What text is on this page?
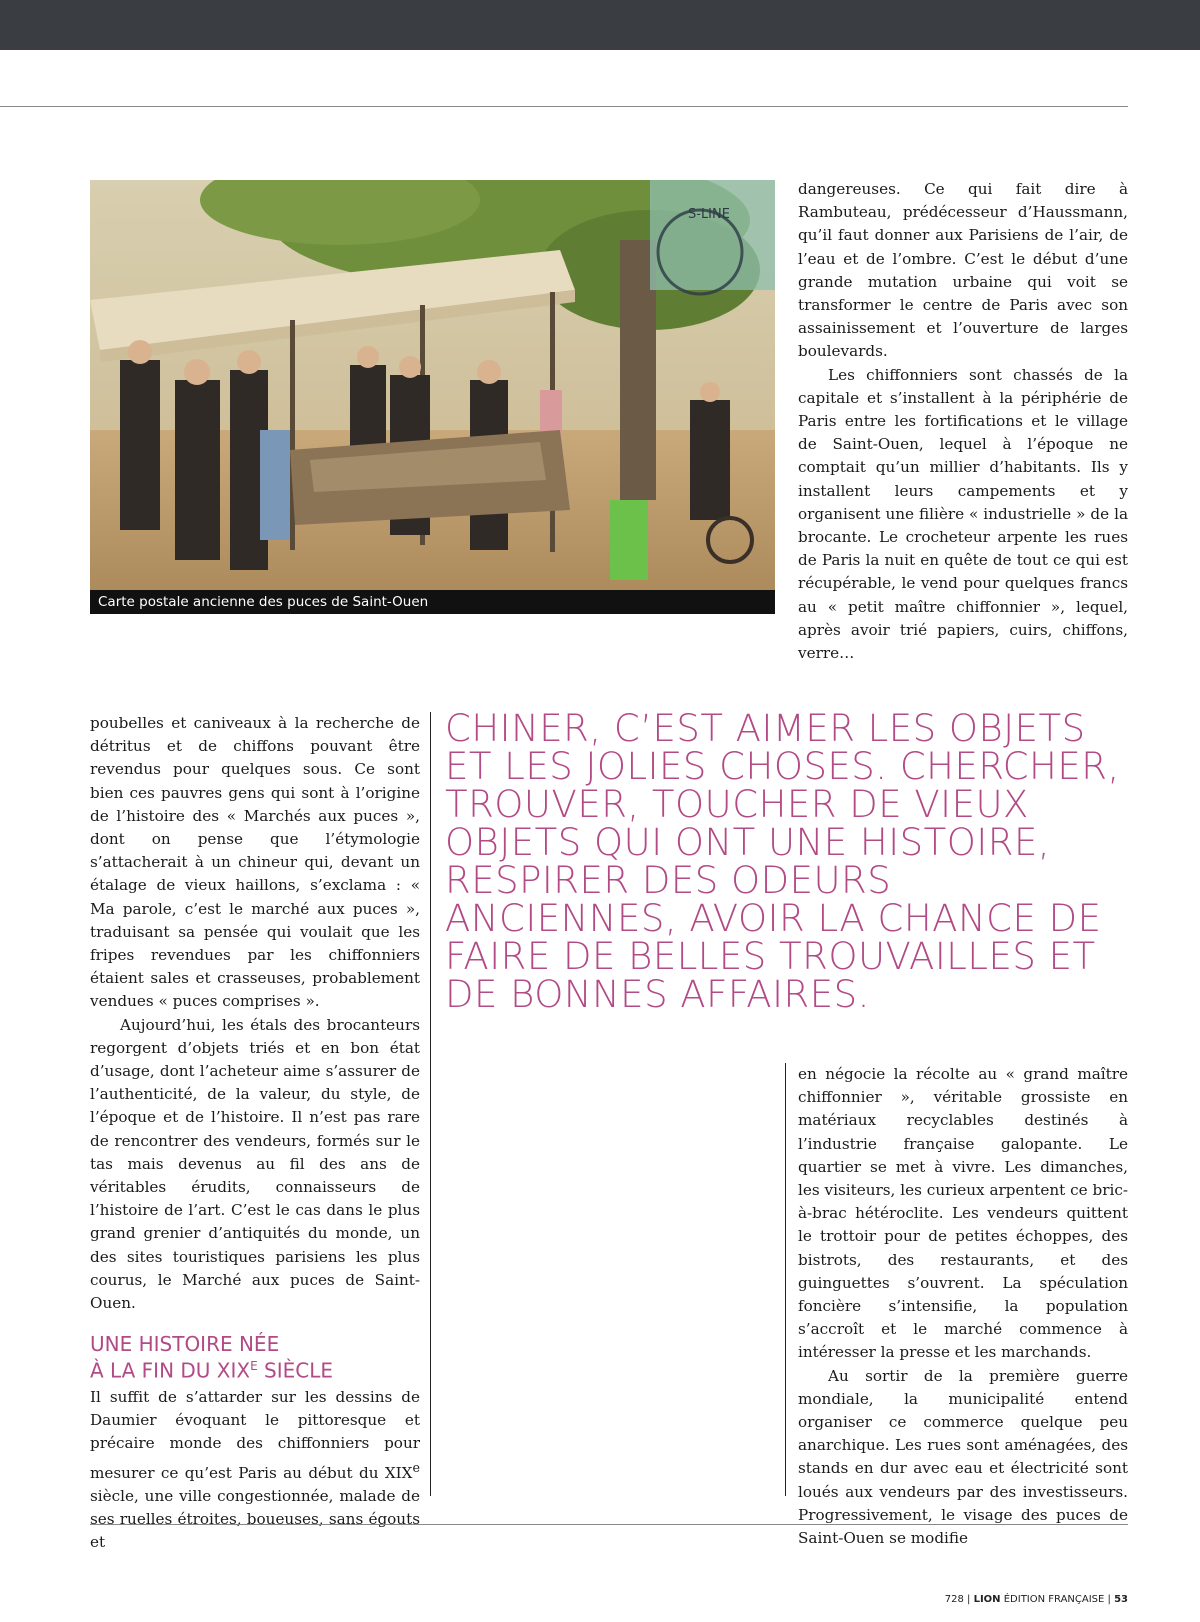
S-LINE
Carte postale ancienne des puces de Saint-Ouen

dangereuses. Ce qui fait dire à Rambuteau, prédécesseur d’Haussmann, qu’il faut donner aux Parisiens de l’air, de l’eau et de l’ombre. C’est le début d’une grande mutation urbaine qui voit se transformer le centre de Paris avec son assainissement et l’ouverture de larges boulevards.

Les chiffonniers sont chassés de la capitale et s’installent à la périphérie de Paris entre les fortifications et le village de Saint-Ouen, lequel à l’époque ne comptait qu’un millier d’habitants. Ils y installent leurs campements et y organisent une filière « industrielle » de la brocante. Le crocheteur arpente les rues de Paris la nuit en quête de tout ce qui est récupérable, le vend pour quelques francs au « petit maître chiffonnier », lequel, après avoir trié papiers, cuirs, chiffons, verre…

poubelles et caniveaux à la recherche de détritus et de chiffons pouvant être revendus pour quelques sous. Ce sont bien ces pauvres gens qui sont à l’origine de l’histoire des « Marchés aux puces », dont on pense que l’étymologie s’attacherait à un chineur qui, devant un étalage de vieux haillons, s’exclama : « Ma parole, c’est le marché aux puces », traduisant sa pensée qui voulait que les fripes revendues par les chiffonniers étaient sales et crasseuses, probablement vendues « puces comprises ».

Aujourd’hui, les étals des brocanteurs regorgent d’objets triés et en bon état d’usage, dont l’acheteur aime s’assurer de l’authenticité, de la valeur, du style, de l’époque et de l’histoire. Il n’est pas rare de rencontrer des vendeurs, formés sur le tas mais devenus au fil des ans de véritables érudits, connaisseurs de l’histoire de l’art. C’est le cas dans le plus grand grenier d’antiquités du monde, un des sites touristiques parisiens les plus courus, le Marché aux puces de Saint-Ouen.

UNE HISTOIRE NÉE
À LA FIN DU $XIX^E$ SIÈCLE

Il suffit de s’attarder sur les dessins de Daumier évoquant le pittoresque et précaire monde des chiffonniers pour mesurer ce qu’est Paris au début du XIXe siècle, une ville congestionnée, malade de ses ruelles étroites, boueuses, sans égouts et

CHINER, C’EST AIMER LES OBJETS ET LES JOLIES CHOSES. CHERCHER, TROUVER, TOUCHER DE VIEUX OBJETS QUI ONT UNE HISTOIRE, RESPIRER DES ODEURS ANCIENNES, AVOIR LA CHANCE DE FAIRE DE BELLES TROUVAILLES ET DE BONNES AFFAIRES.

en négocie la récolte au « grand maître chiffonnier », véritable grossiste en matériaux recyclables destinés à l’industrie française galopante. Le quartier se met à vivre. Les dimanches, les visiteurs, les curieux arpentent ce bric-à-brac hétéroclite. Les vendeurs quittent le trottoir pour de petites échoppes, des bistrots, des restaurants, et des guinguettes s’ouvrent. La spéculation foncière s’intensifie, la population s’accroît et le marché commence à intéresser la presse et les marchands.

Au sortir de la première guerre mondiale, la municipalité entend organiser ce commerce quelque peu anarchique. Les rues sont aménagées, des stands en dur avec eau et électricité sont loués aux vendeurs par des investisseurs. Progressivement, le visage des puces de Saint-Ouen se modifie

728 | LION ÉDITION FRANÇAISE | 53
